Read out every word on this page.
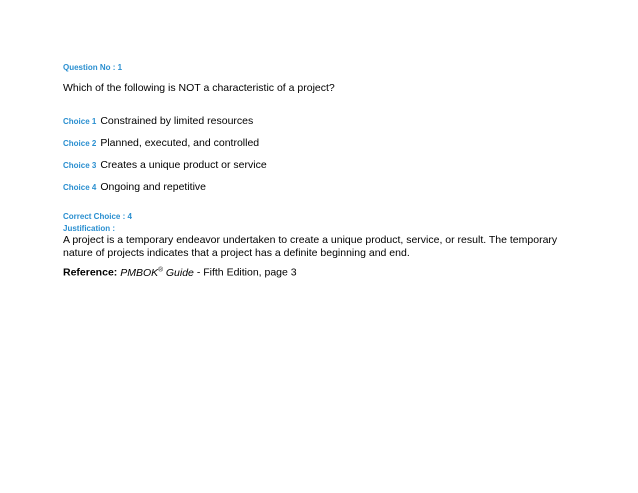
Question No : 1
Which of the following is NOT a characteristic of a project?
Choice 1 Constrained by limited resources
Choice 2 Planned, executed, and controlled
Choice 3 Creates a unique product or service
Choice 4 Ongoing and repetitive
Correct Choice : 4
Justification :
A project is a temporary endeavor undertaken to create a unique product, service, or result. The temporary nature of projects indicates that a project has a definite beginning and end.
Reference: PMBOK® Guide - Fifth Edition, page 3
